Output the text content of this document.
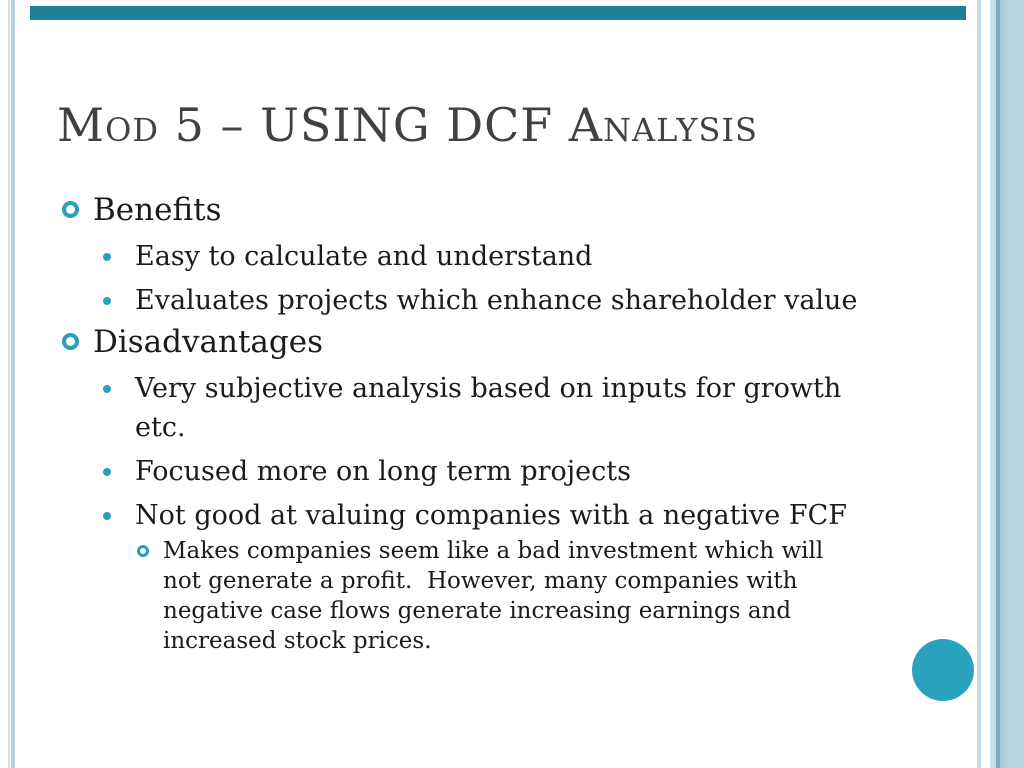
Mod 5 – USING DCF Analysis
Benefits
Easy to calculate and understand
Evaluates projects which enhance shareholder value
Disadvantages
Very subjective analysis based on inputs for growth
etc.
Focused more on long term projects
Not good at valuing companies with a negative FCF
Makes companies seem like a bad investment which will
not generate a profit.  However, many companies with
negative case flows generate increasing earnings and
increased stock prices.
